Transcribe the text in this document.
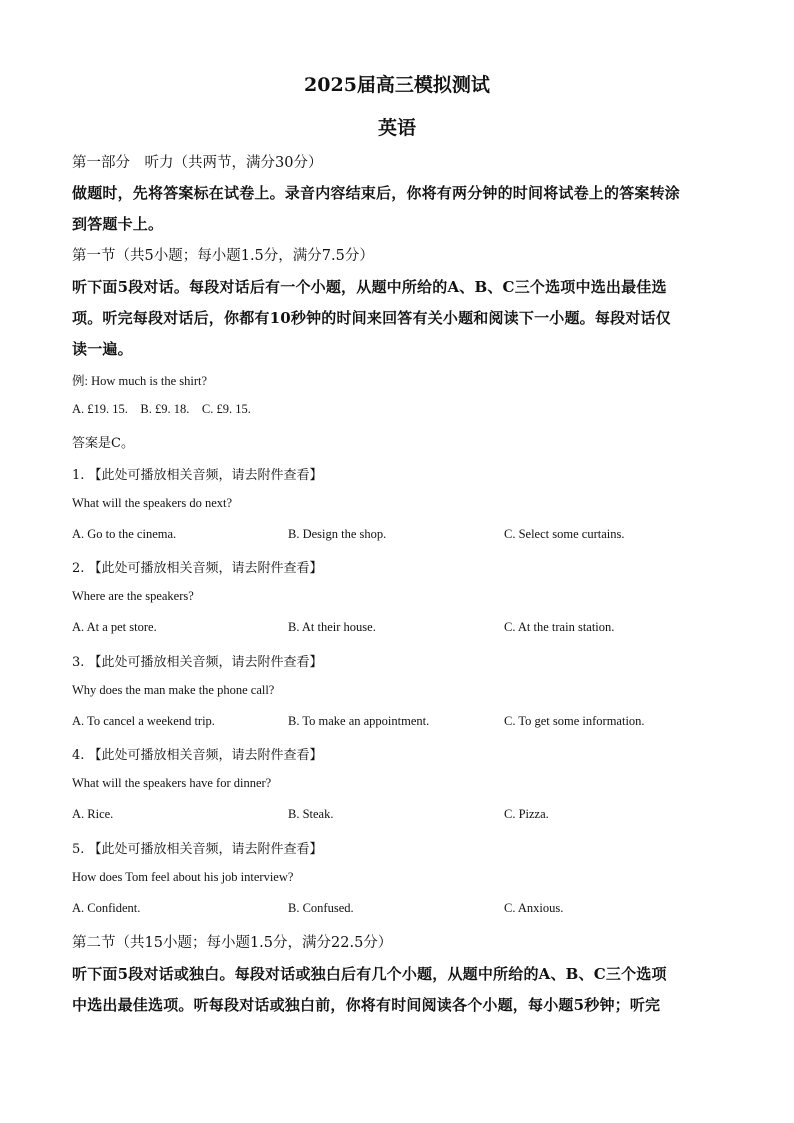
2025届高三模拟测试
英语
第一部分　听力（共两节，满分30分）
做题时，先将答案标在试卷上。录音内容结束后，你将有两分钟的时间将试卷上的答案转涂
到答题卡上。
第一节（共5小题；每小题1.5分，满分7.5分）
听下面5段对话。每段对话后有一个小题，从题中所给的A、B、C三个选项中选出最佳选
项。听完每段对话后，你都有10秒钟的时间来回答有关小题和阅读下一小题。每段对话仅
读一遍。
例: How much is the shirt?
A. £19. 15.    B. £9. 18.    C. £9. 15.
答案是C。
1. 【此处可播放相关音频，请去附件查看】
What will the speakers do next?
A. Go to the cinema.	B. Design the shop.	C. Select some curtains.
2. 【此处可播放相关音频，请去附件查看】
Where are the speakers?
A. At a pet store.	B. At their house.	C. At the train station.
3. 【此处可播放相关音频，请去附件查看】
Why does the man make the phone call?
A. To cancel a weekend trip.	B. To make an appointment.	C. To get some information.
4. 【此处可播放相关音频，请去附件查看】
What will the speakers have for dinner?
A. Rice.	B. Steak.	C. Pizza.
5. 【此处可播放相关音频，请去附件查看】
How does Tom feel about his job interview?
A. Confident.	B. Confused.	C. Anxious.
第二节（共15小题；每小题1.5分，满分22.5分）
听下面5段对话或独白。每段对话或独白后有几个小题，从题中所给的A、B、C三个选项
中选出最佳选项。听每段对话或独白前，你将有时间阅读各个小题，每小题5秒钟；听完
